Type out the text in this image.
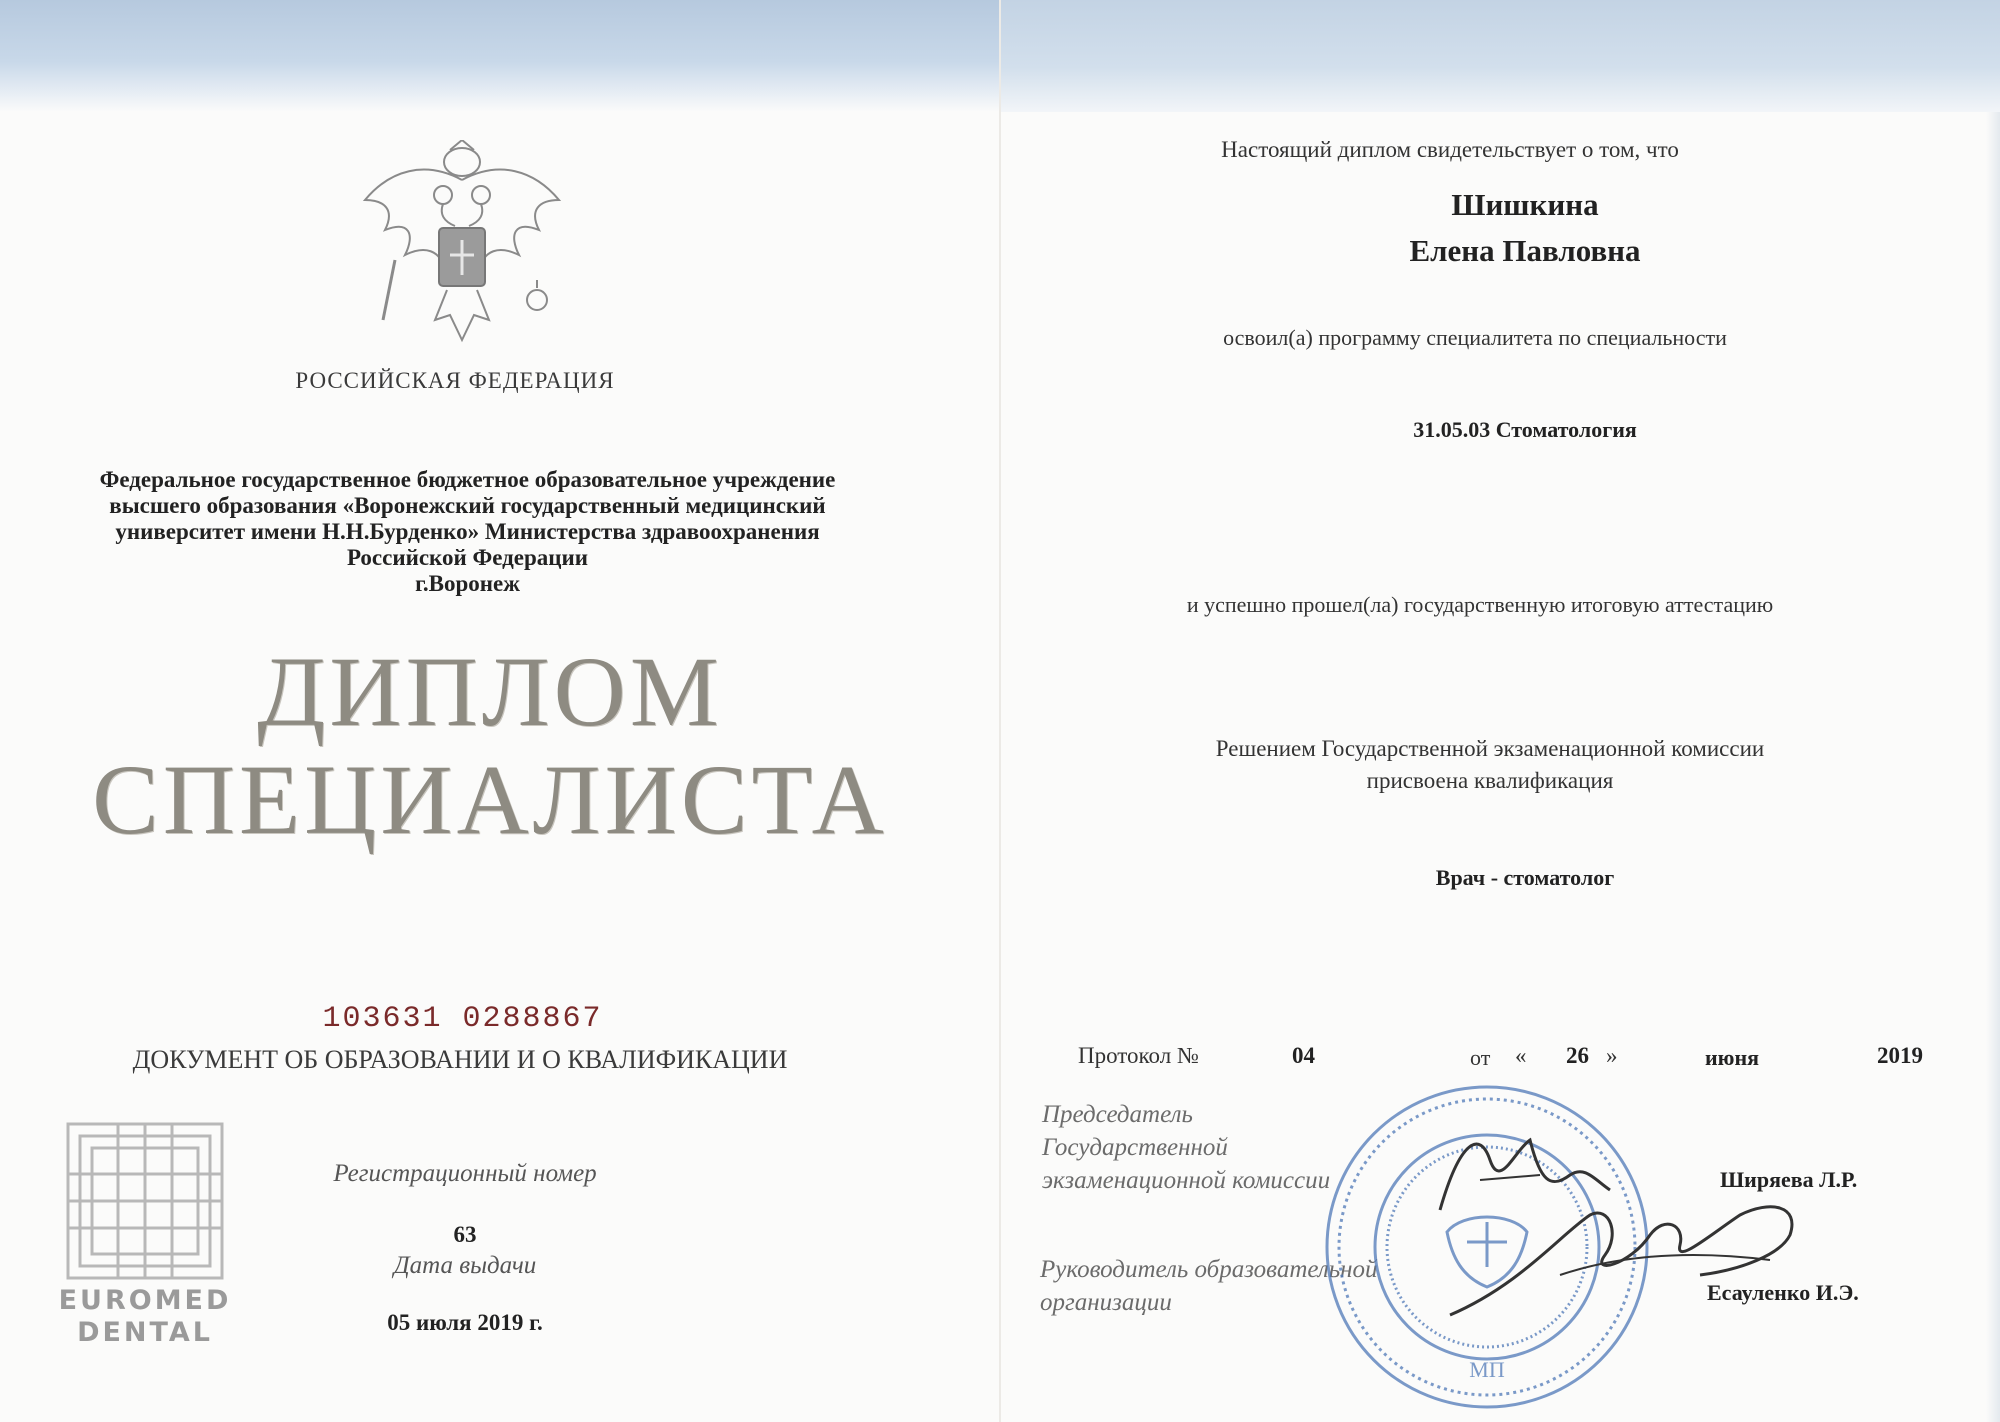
РОССИЙСКАЯ ФЕДЕРАЦИЯ
Федеральное государственное бюджетное образовательное учреждение
высшего образования «Воронежский государственный медицинский
университет имени Н.Н.Бурденко» Министерства здравоохранения
Российской Федерации
г.Воронеж
ДИПЛОМ
СПЕЦИАЛИСТА
103631 0288867
ДОКУМЕНТ ОБ ОБРАЗОВАНИИ И О КВАЛИФИКАЦИИ
Регистрационный номер
63
Дата выдачи
05 июля 2019 г.
EUROMED
DENTAL
Настоящий диплом свидетельствует о том, что
Шишкина
Елена Павловна
освоил(а) программу специалитета по специальности
31.05.03 Стоматология
и успешно прошел(ла) государственную итоговую аттестацию
Решением Государственной экзаменационной комиссии
присвоена квалификация
Врач - стоматолог
Протокол №	04	от « 26 »	июня	2019
Председатель
Государственной
экзаменационной комиссии	Ширяева Л.Р.
Руководитель образовательной
организации	Есауленко И.Э.
МП
